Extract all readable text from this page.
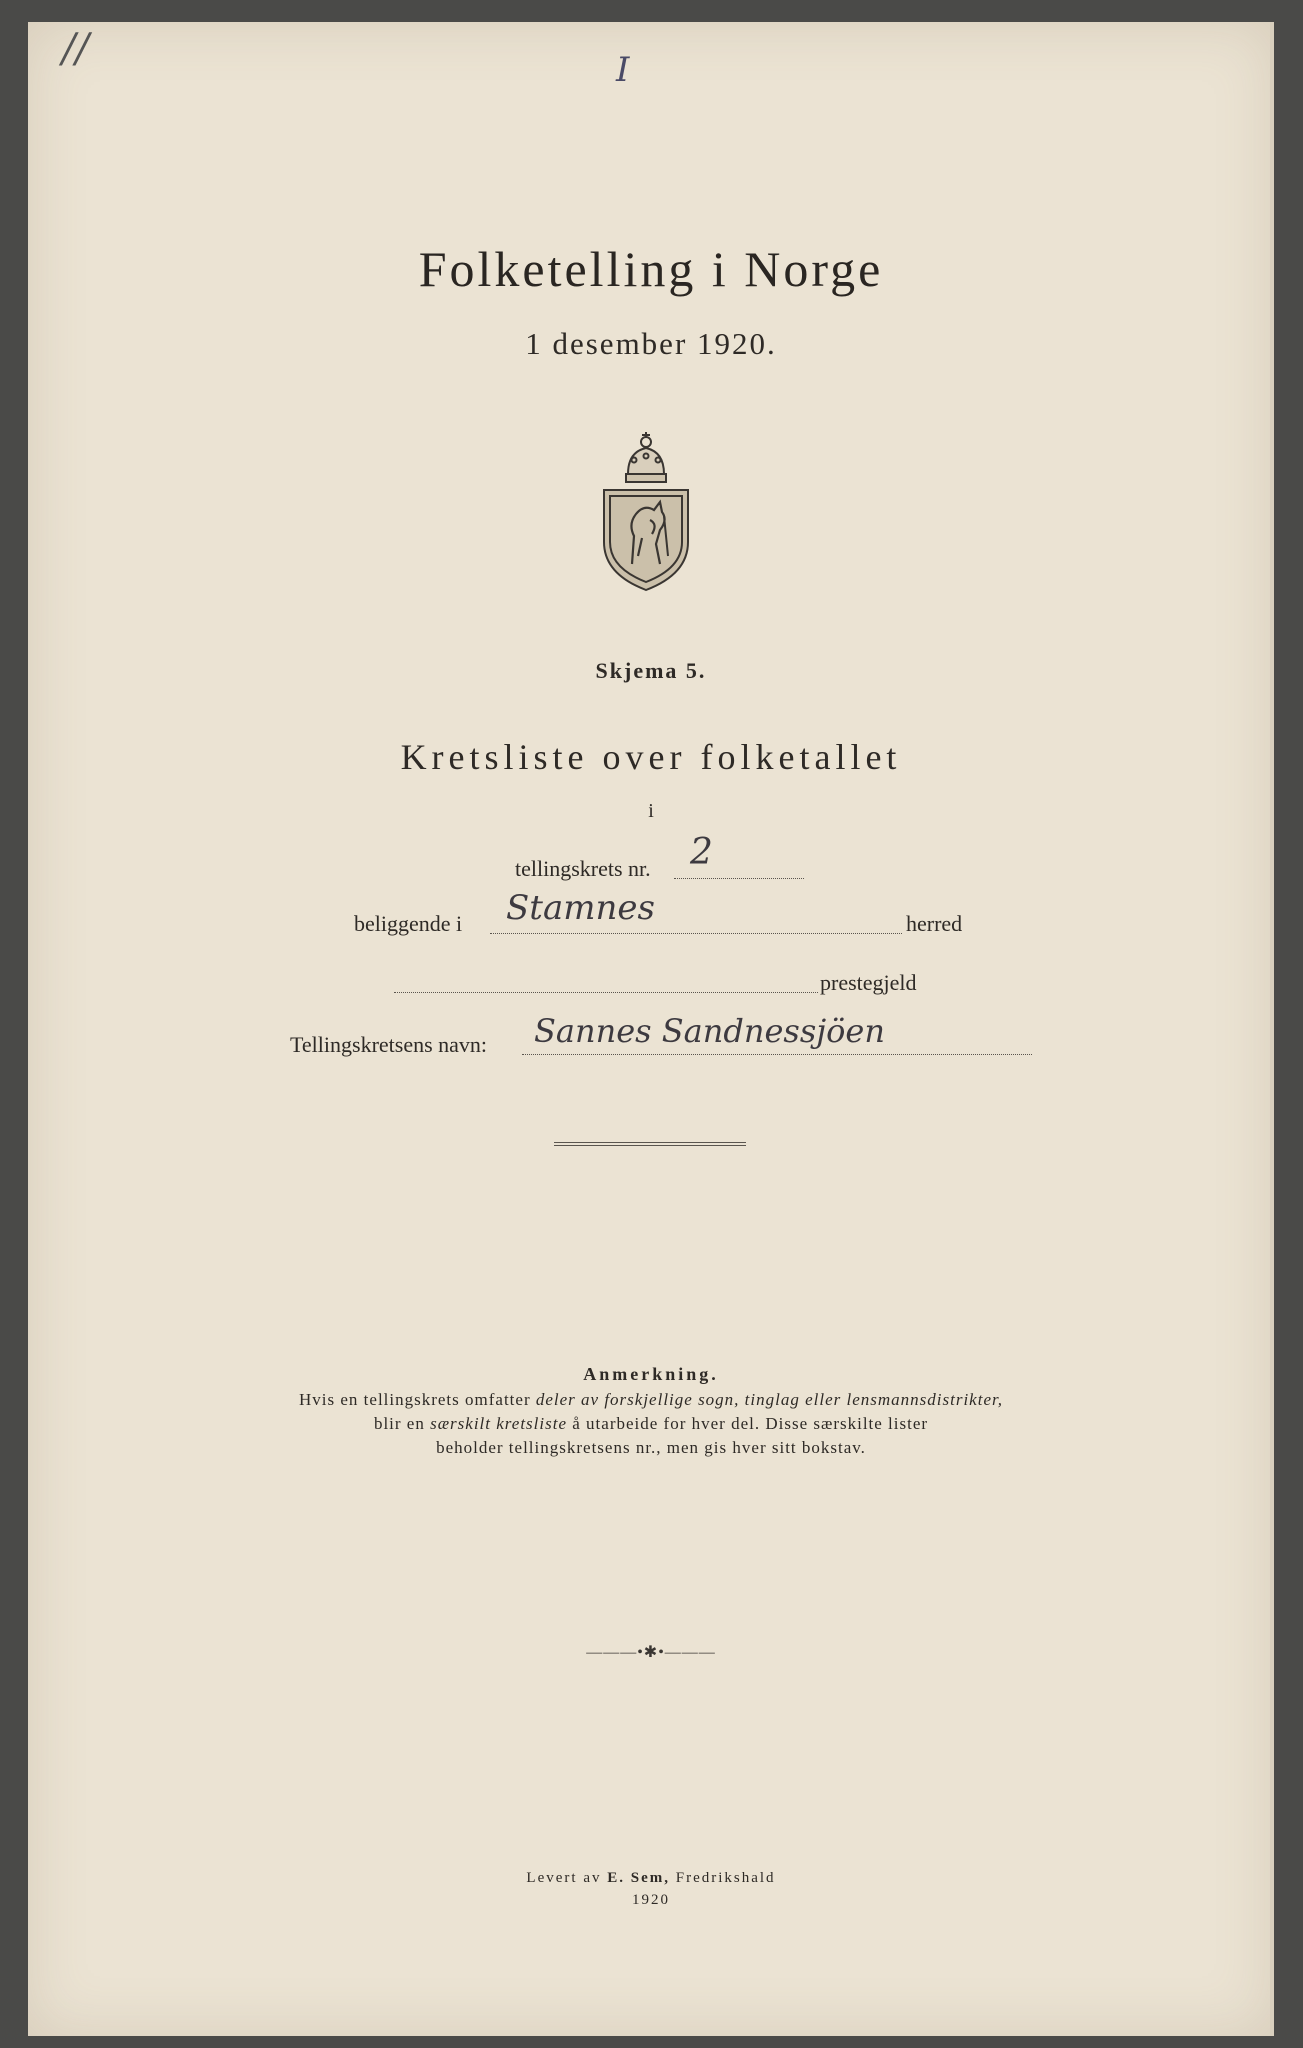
//	I
Folketelling i Norge
1 desember 1920.
Skjema 5.
Kretsliste over folketallet
i
tellingskrets nr. 2
beliggende i Stamnes	herred
prestegjeld
Tellingskretsens navn: Sannes Sandnessjöen
Anmerkning.
Hvis en tellingskrets omfatter deler av forskjellige sogn, tinglag eller lensmannsdistrikter,
blir en særskilt kretsliste å utarbeide for hver del. Disse særskilte lister
beholder tellingskretsens nr., men gis hver sitt bokstav.
———•✱•———
Levert av E. Sem, Fredrikshald
1920
